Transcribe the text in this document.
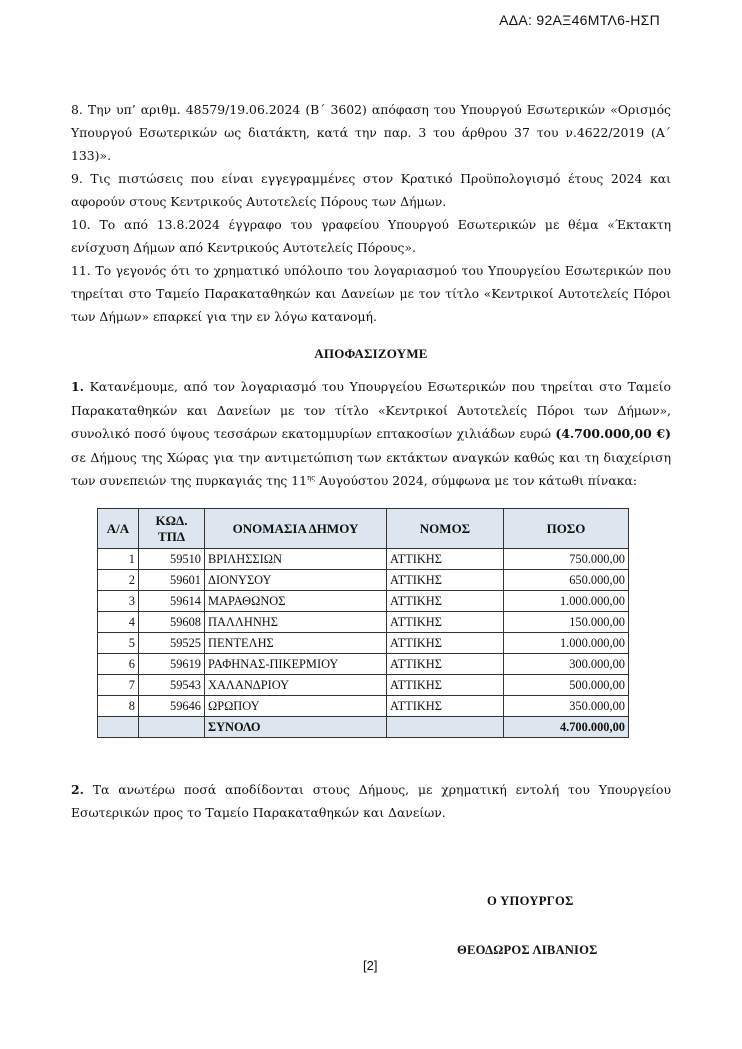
ΑΔΑ: 92ΑΞ46ΜΤΛ6-ΗΣΠ

8. Την υπ’ αριθμ. 48579/19.06.2024 (Β΄ 3602) απόφαση του Υπουργού Εσωτερικών «Ορισμός Υπουργού Εσωτερικών ως διατάκτη, κατά την παρ. 3 του άρθρου 37 του ν.4622/2019 (Α΄ 133)».

9. Τις πιστώσεις που είναι εγγεγραμμένες στον Κρατικό Προϋπολογισμό έτους 2024 και αφορούν στους Κεντρικούς Αυτοτελείς Πόρους των Δήμων.

10. Το από 13.8.2024 έγγραφο του γραφείου Υπουργού Εσωτερικών με θέμα «Έκτακτη ενίσχυση Δήμων από Κεντρικούς Αυτοτελείς Πόρους».

11. Το γεγονός ότι το χρηματικό υπόλοιπο του λογαριασμού του Υπουργείου Εσωτερικών που τηρείται στο Ταμείο Παρακαταθηκών και Δανείων με τον τίτλο «Κεντρικοί Αυτοτελείς Πόροι των Δήμων» επαρκεί για την εν λόγω κατανομή.

ΑΠΟΦΑΣΙΖΟΥΜΕ

1. Κατανέμουμε, από τον λογαριασμό του Υπουργείου Εσωτερικών που τηρείται στο Ταμείο Παρακαταθηκών και Δανείων με τον τίτλο «Κεντρικοί Αυτοτελείς Πόροι των Δήμων», συνολικό ποσό ύψους τεσσάρων εκατομμυρίων επτακοσίων χιλιάδων ευρώ (4.700.000,00 €) σε Δήμους της Χώρας για την αντιμετώπιση των εκτάκτων αναγκών καθώς και τη διαχείριση των συνεπειών της πυρκαγιάς της $11^{\eta\varsigma}$ Αυγούστου 2024, σύμφωνα με τον κάτωθι πίνακα:

Α/Α	ΚΩΔ. ΤΠΔ	ΟΝΟΜΑΣΙΑ ΔΗΜΟΥ	ΝΟΜΟΣ	ΠΟΣΟ
1	59510	ΒΡΙΛΗΣΣΙΩΝ	ΑΤΤΙΚΗΣ	750.000,00
2	59601	ΔΙΟΝΥΣΟΥ	ΑΤΤΙΚΗΣ	650.000,00
3	59614	ΜΑΡΑΘΩΝΟΣ	ΑΤΤΙΚΗΣ	1.000.000,00
4	59608	ΠΑΛΛΗΝΗΣ	ΑΤΤΙΚΗΣ	150.000,00
5	59525	ΠΕΝΤΕΛΗΣ	ΑΤΤΙΚΗΣ	1.000.000,00
6	59619	ΡΑΦΗΝΑΣ-ΠΙΚΕΡΜΙΟΥ	ΑΤΤΙΚΗΣ	300.000,00
7	59543	ΧΑΛΑΝΔΡΙΟΥ	ΑΤΤΙΚΗΣ	500.000,00
8	59646	ΩΡΩΠΟΥ	ΑΤΤΙΚΗΣ	350.000,00
		ΣΥΝΟΛΟ		4.700.000,00

2. Τα ανωτέρω ποσά αποδίδονται στους Δήμους, με χρηματική εντολή του Υπουργείου Εσωτερικών προς το Ταμείο Παρακαταθηκών και Δανείων.

Ο ΥΠΟΥΡΓΟΣ
ΘΕΟΔΩΡΟΣ ΛΙΒΑΝΙΟΣ
[2]
